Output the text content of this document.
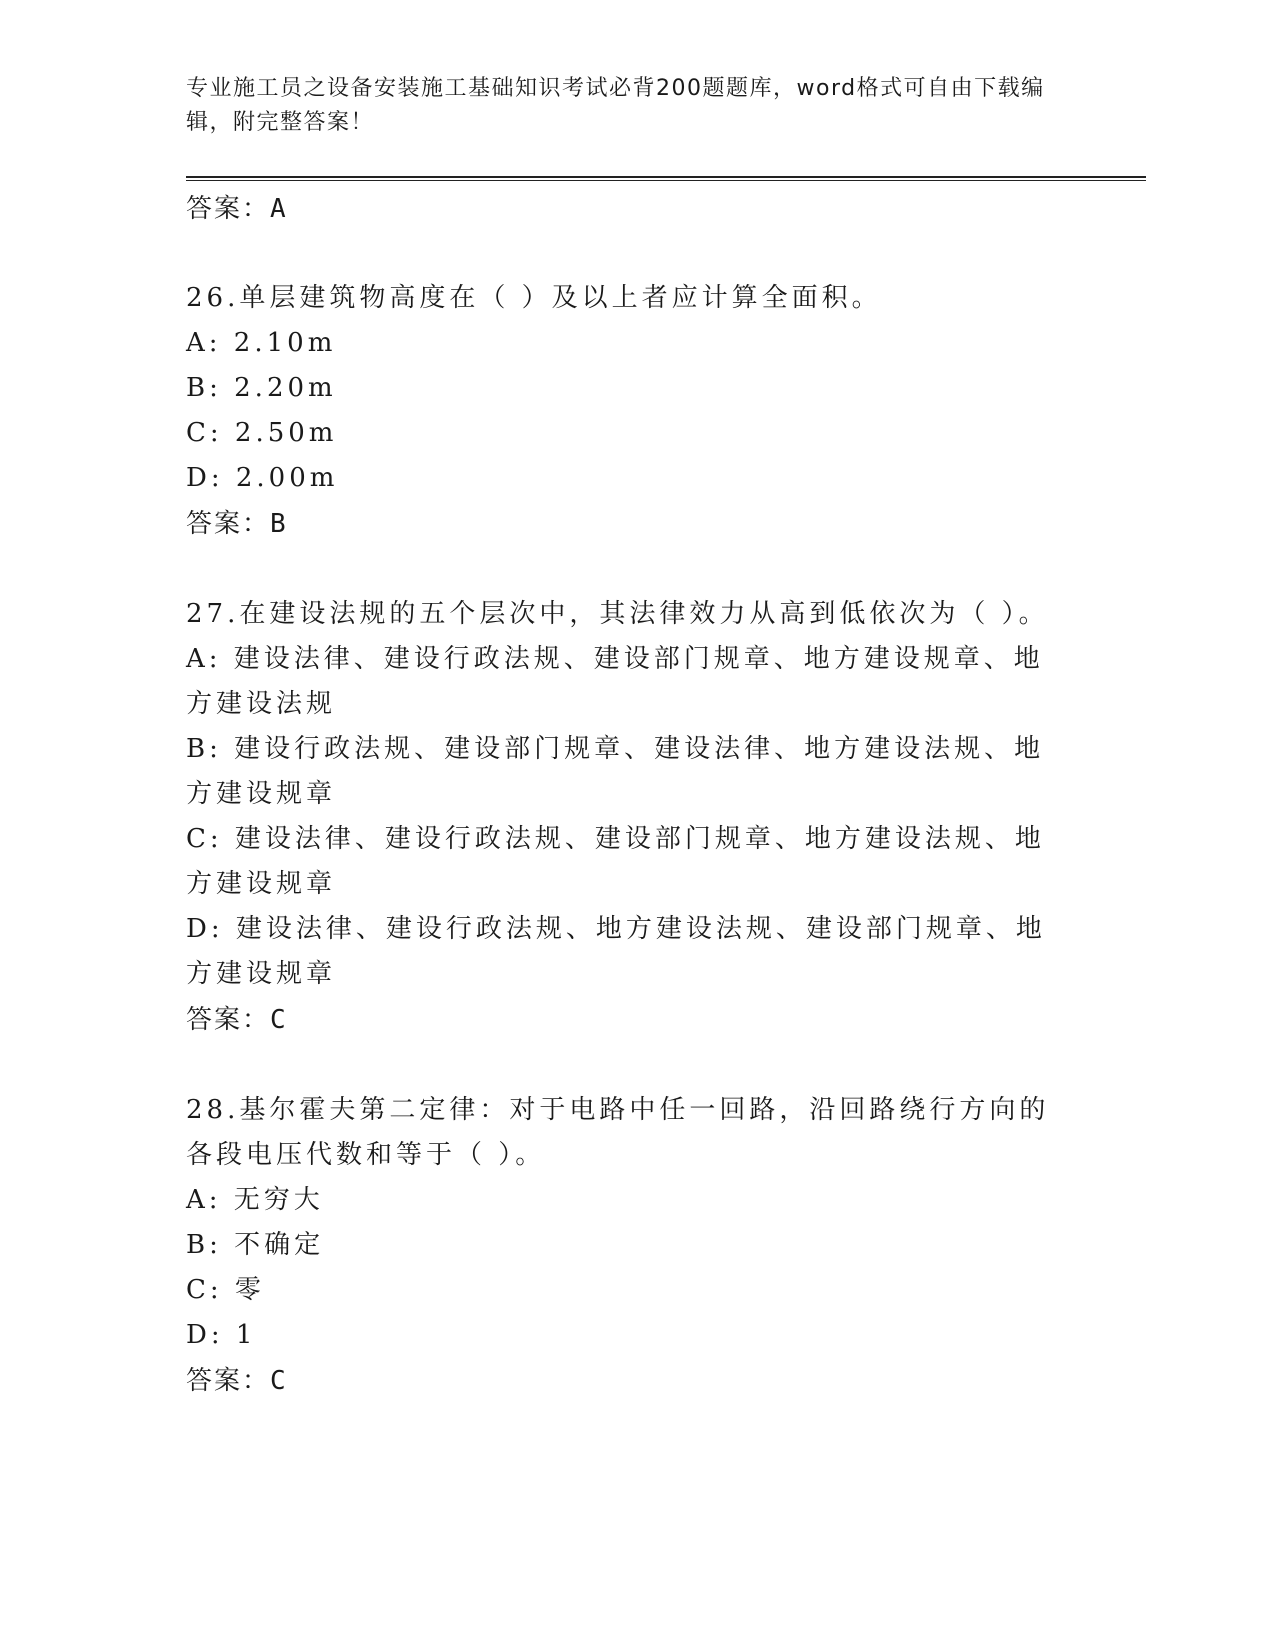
专业施工员之设备安装施工基础知识考试必背200题题库，word格式可自由下载编辑，附完整答案！
答案：A
26.单层建筑物高度在（ ）及以上者应计算全面积。
A: 2.10m
B: 2.20m
C: 2.50m
D: 2.00m
答案：B
27.在建设法规的五个层次中，其法律效力从高到低依次为（ ）。
A: 建设法律、建设行政法规、建设部门规章、地方建设规章、地方建设法规
B: 建设行政法规、建设部门规章、建设法律、地方建设法规、地方建设规章
C: 建设法律、建设行政法规、建设部门规章、地方建设法规、地方建设规章
D: 建设法律、建设行政法规、地方建设法规、建设部门规章、地方建设规章
答案：C
28.基尔霍夫第二定律：对于电路中任一回路，沿回路绕行方向的各段电压代数和等于（ ）。
A: 无穷大
B: 不确定
C: 零
D: 1
答案：C
